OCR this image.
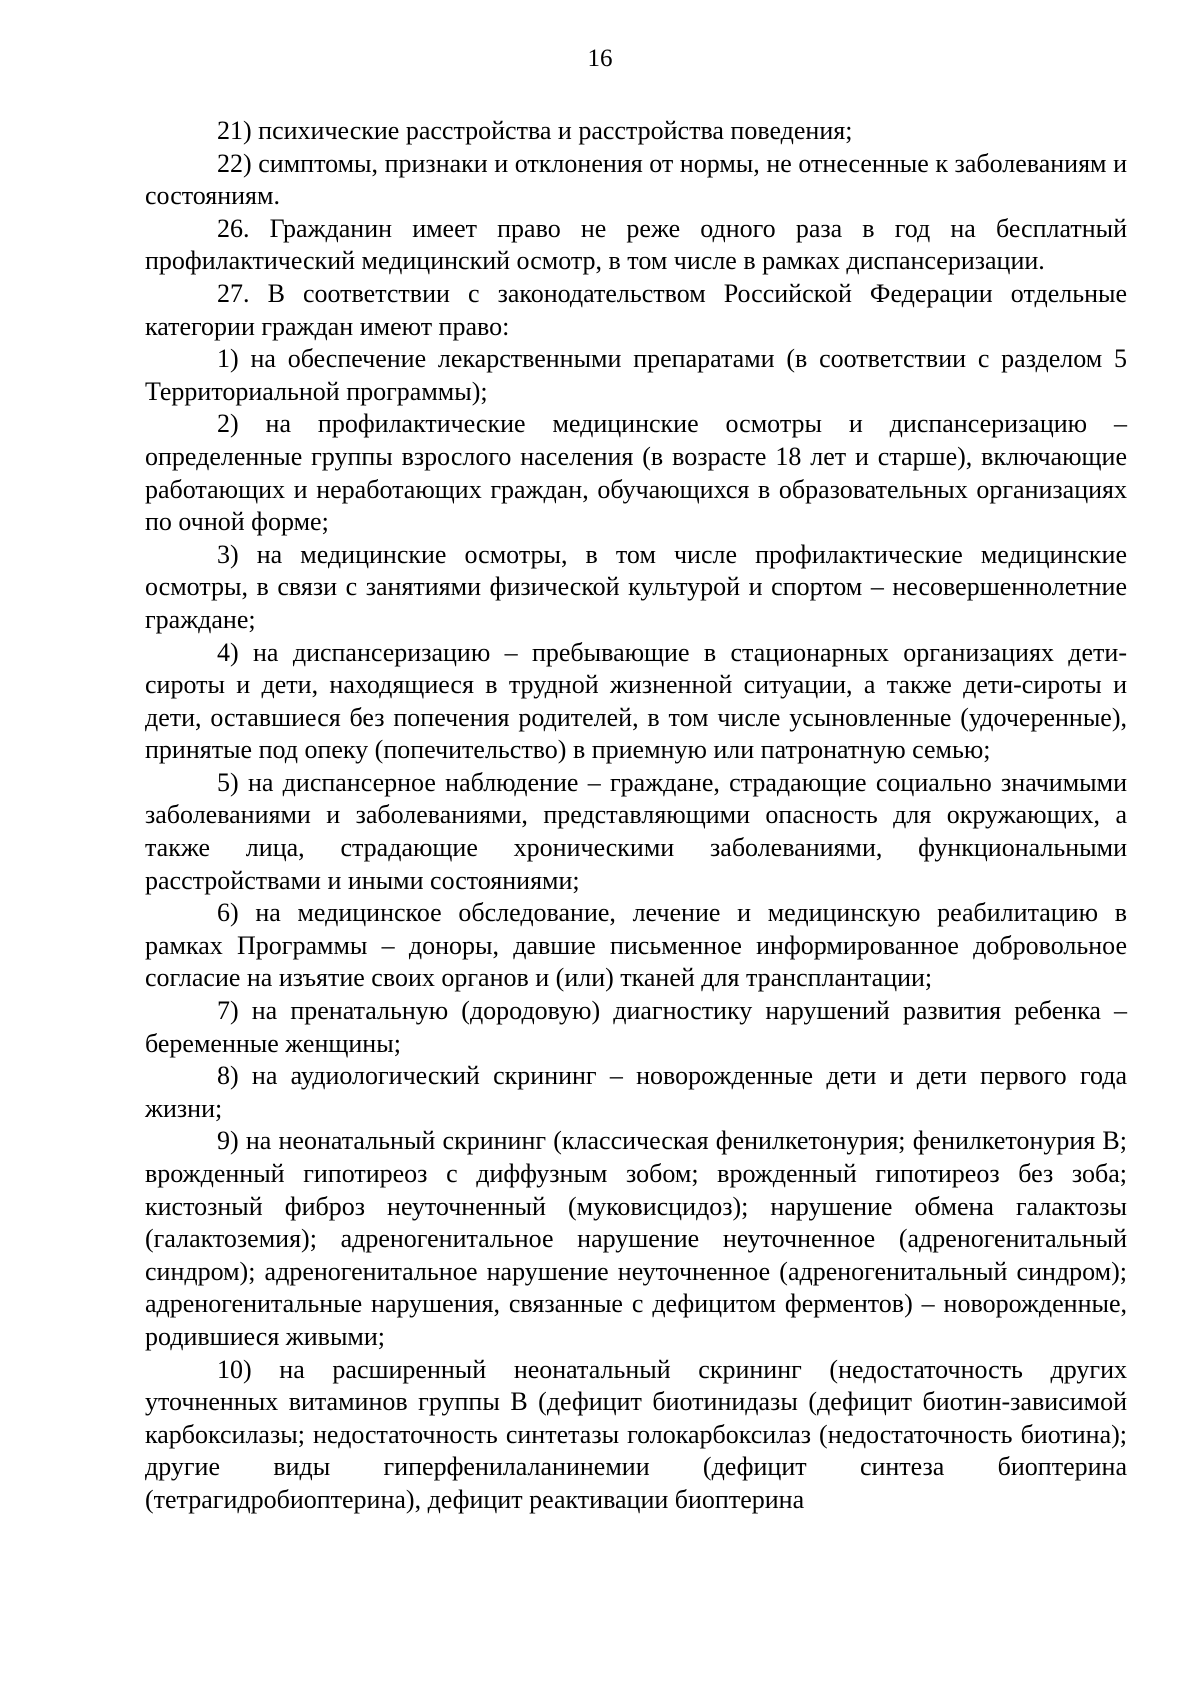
16

21) психические расстройства и расстройства поведения;

22) симптомы, признаки и отклонения от нормы, не отнесенные к заболеваниям и состояниям.

26. Гражданин имеет право не реже одного раза в год на бесплатный профилактический медицинский осмотр, в том числе в рамках диспансеризации.

27. В соответствии с законодательством Российской Федерации отдельные категории граждан имеют право:

1) на обеспечение лекарственными препаратами (в соответствии с разделом 5 Территориальной программы);

2) на профилактические медицинские осмотры и диспансеризацию – определенные группы взрослого населения (в возрасте 18 лет и старше), включающие работающих и неработающих граждан, обучающихся в образовательных организациях по очной форме;

3) на медицинские осмотры, в том числе профилактические медицинские осмотры, в связи с занятиями физической культурой и спортом – несовершеннолетние граждане;

4) на диспансеризацию – пребывающие в стационарных организациях дети-сироты и дети, находящиеся в трудной жизненной ситуации, а также дети-сироты и дети, оставшиеся без попечения родителей, в том числе усыновленные (удочеренные), принятые под опеку (попечительство) в приемную или патронатную семью;

5) на диспансерное наблюдение – граждане, страдающие социально значимыми заболеваниями и заболеваниями, представляющими опасность для окружающих, а также лица, страдающие хроническими заболеваниями, функциональными расстройствами и иными состояниями;

6) на медицинское обследование, лечение и медицинскую реабилитацию в рамках Программы – доноры, давшие письменное информированное добровольное согласие на изъятие своих органов и (или) тканей для трансплантации;

7) на пренатальную (дородовую) диагностику нарушений развития ребенка – беременные женщины;

8) на аудиологический скрининг – новорожденные дети и дети первого года жизни;

9) на неонатальный скрининг (классическая фенилкетонурия; фенилкетонурия B; врожденный гипотиреоз с диффузным зобом; врожденный гипотиреоз без зоба; кистозный фиброз неуточненный (муковисцидоз); нарушение обмена галактозы (галактоземия); адреногенитальное нарушение неуточненное (адреногенитальный синдром); адреногенитальное нарушение неуточненное (адреногенитальный синдром); адреногенитальные нарушения, связанные с дефицитом ферментов) – новорожденные, родившиеся живыми;

10) на расширенный неонатальный скрининг (недостаточность других уточненных витаминов группы B (дефицит биотинидазы (дефицит биотин-зависимой карбоксилазы; недостаточность синтетазы голокарбоксилаз (недостаточность биотина); другие виды гиперфенилаланинемии (дефицит синтеза биоптерина (тетрагидробиоптерина), дефицит реактивации биоптерина
